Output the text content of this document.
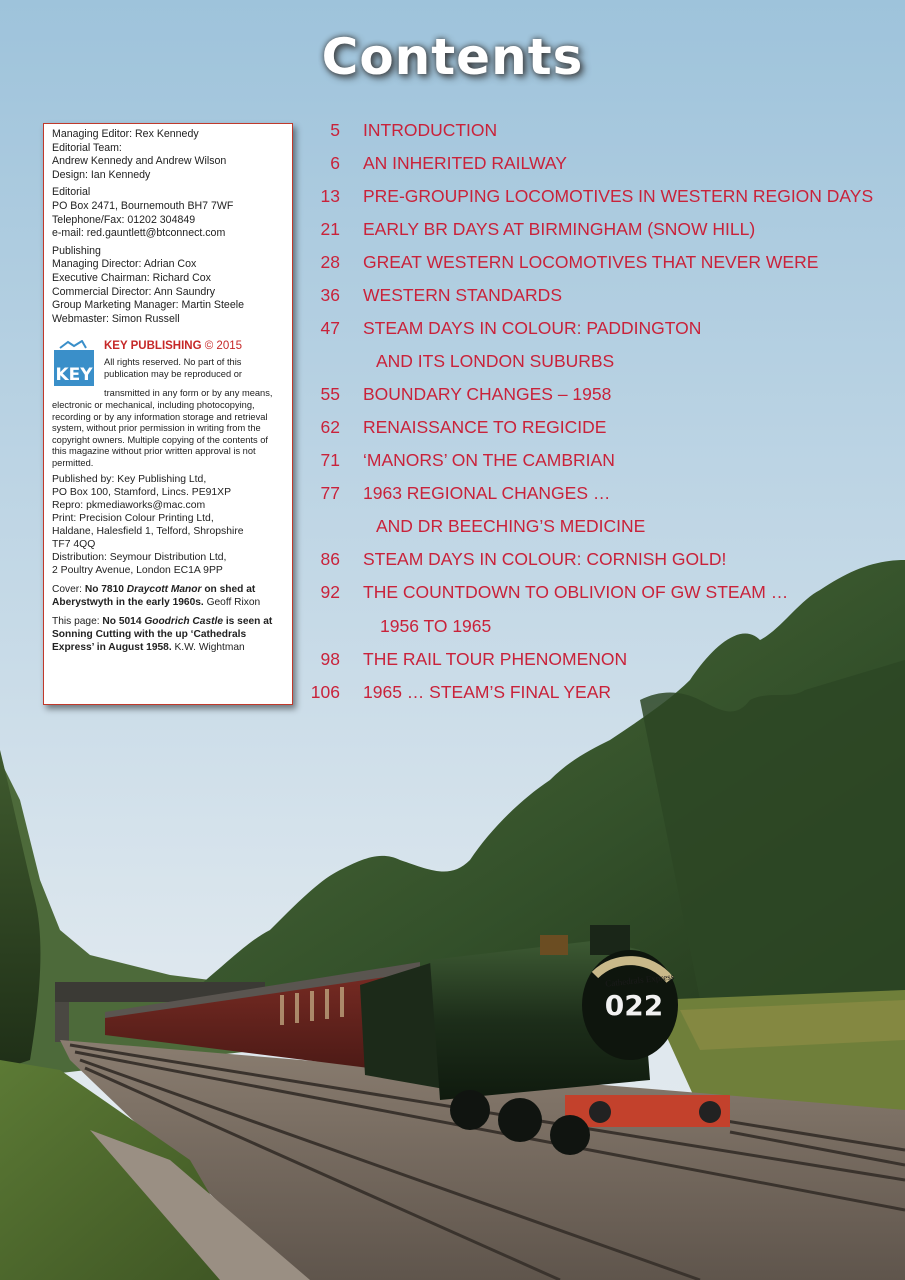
Cathedrals Express
022
Contents

Managing Editor: Rex Kennedy

Editorial Team:

Andrew Kennedy and Andrew Wilson

Design: Ian Kennedy

Editorial

PO Box 2471, Bournemouth BH7 7WF

Telephone/Fax: 01202 304849

e-mail: red.gauntlett@btconnect.com

Publishing

Managing Director: Adrian Cox

Executive Chairman: Richard Cox

Commercial Director: Ann Saundry

Group Marketing Manager: Martin Steele

Webmaster: Simon Russell

KEY
KEY PUBLISHING © 2015

All rights reserved. No part of this

publication may be reproduced or

transmitted in any form or by any means,

electronic or mechanical, including photocopying,

recording or by any information storage and retrieval

system, without prior permission in writing from the

copyright owners. Multiple copying of the contents of

this magazine without prior written approval is not

permitted.

Published by: Key Publishing Ltd,

PO Box 100, Stamford, Lincs. PE91XP

Repro: pkmediaworks@mac.com

Print: Precision Colour Printing Ltd,

Haldane, Halesfield 1, Telford, Shropshire

TF7 4QQ

Distribution: Seymour Distribution Ltd,

2 Poultry Avenue, London EC1A 9PP

Cover: No 7810 Draycott Manor on shed at Aberystwyth in the early 1960s. Geoff Rixon

This page: No 5014 Goodrich Castle is seen at Sonning Cutting with the up ‘Cathedrals Express’ in August 1958. K.W. Wightman

5 INTRODUCTION
6 AN INHERITED RAILWAY
13 PRE-GROUPING LOCOMOTIVES IN WESTERN REGION DAYS
21 EARLY BR DAYS AT BIRMINGHAM (SNOW HILL)
28 GREAT WESTERN LOCOMOTIVES THAT NEVER WERE
36 WESTERN STANDARDS
47 STEAM DAYS IN COLOUR: PADDINGTON
AND ITS LONDON SUBURBS
55 BOUNDARY CHANGES – 1958
62 RENAISSANCE TO REGICIDE
71 ‘MANORS’ ON THE CAMBRIAN
77 1963 REGIONAL CHANGES …
AND DR BEECHING’S MEDICINE
86 STEAM DAYS IN COLOUR: CORNISH GOLD!
92 THE COUNTDOWN TO OBLIVION OF GW STEAM …
1956 TO 1965
98 THE RAIL TOUR PHENOMENON
106 1965 … STEAM’S FINAL YEAR
